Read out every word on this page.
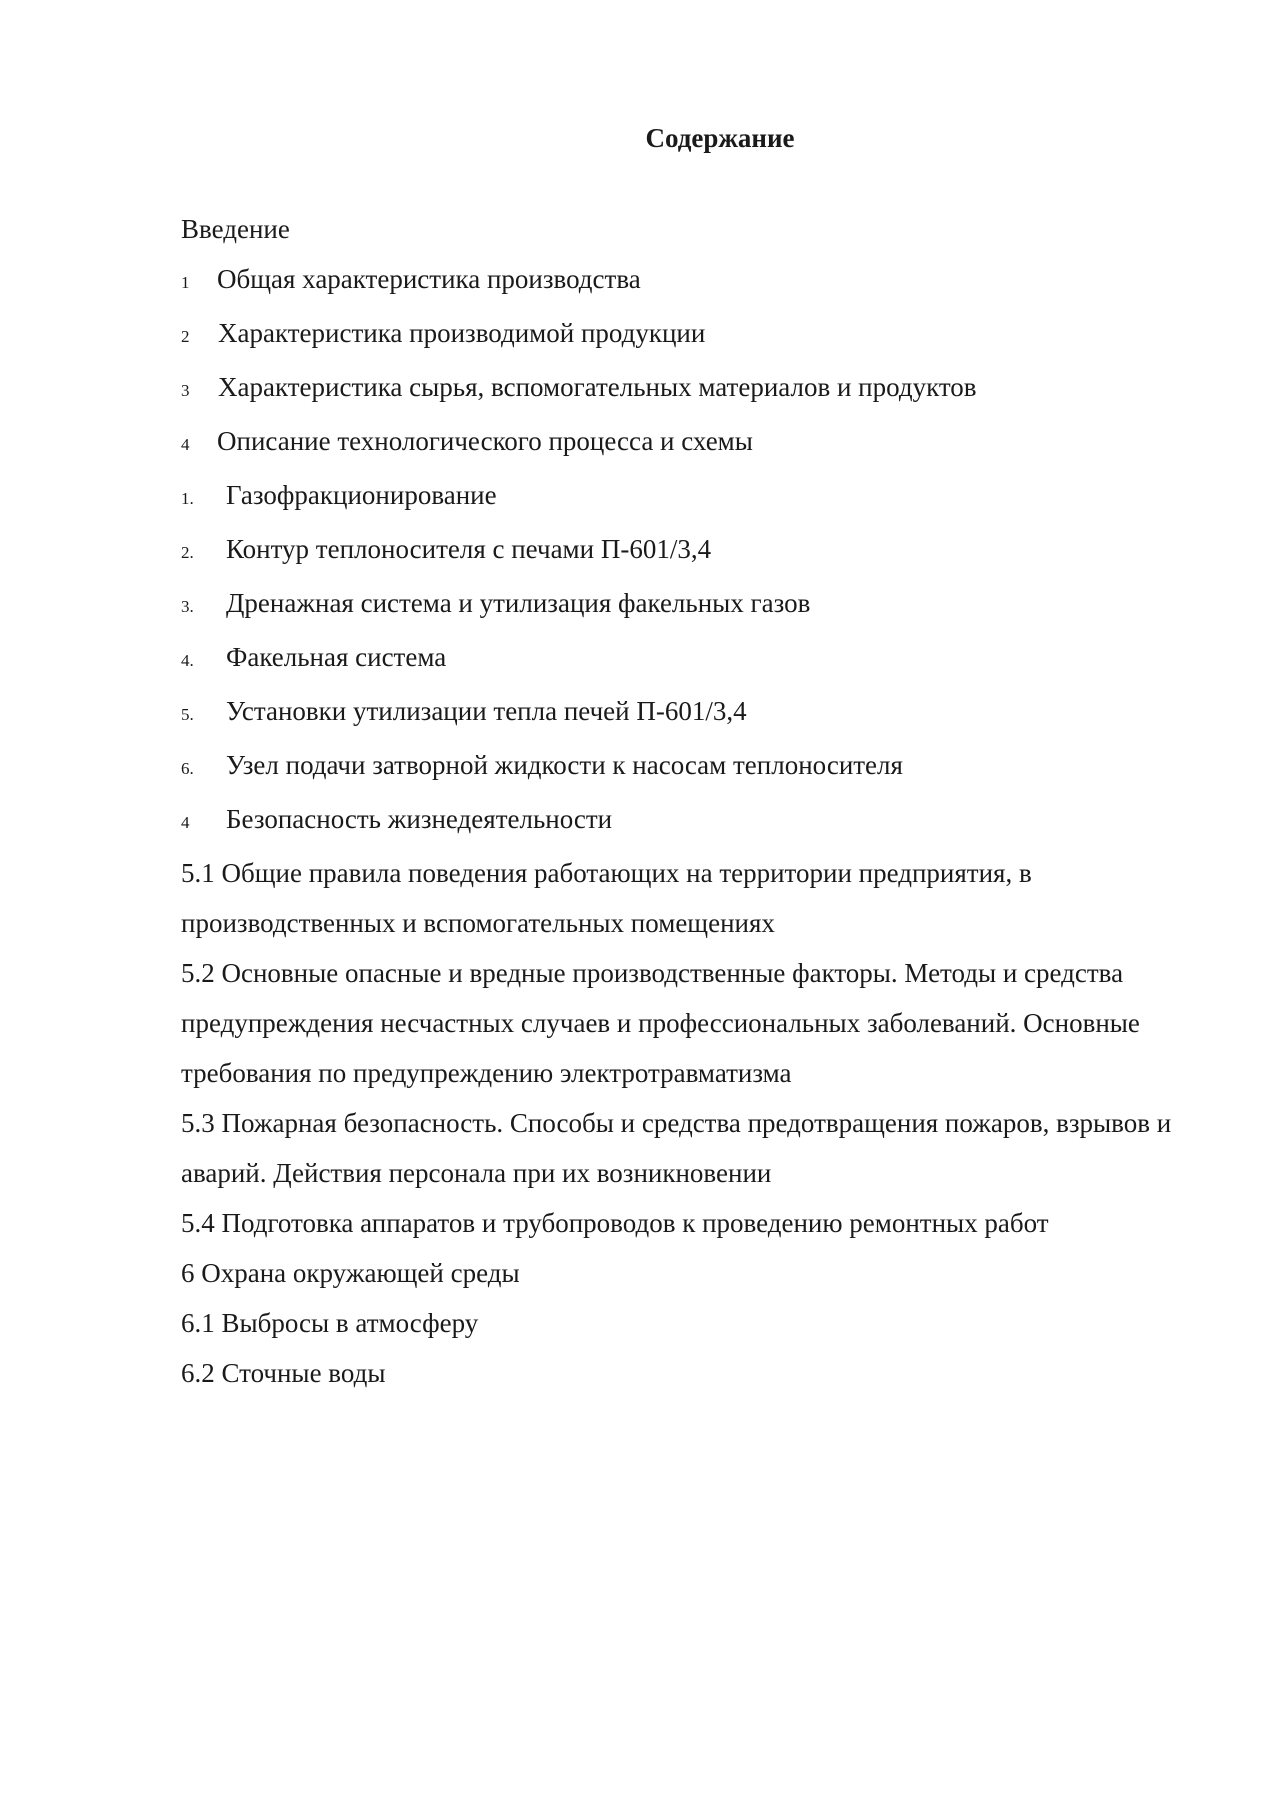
Содержание
Введение
1 Общая характеристика производства
2 Характеристика производимой продукции
3 Характеристика сырья, вспомогательных материалов и продуктов
4 Описание технологического процесса и схемы
1. Газофракционирование
2. Контур теплоносителя с печами П-601/3,4
3. Дренажная система и утилизация факельных газов
4. Факельная система
5. Установки утилизации тепла печей П-601/3,4
6. Узел подачи затворной жидкости к насосам теплоносителя
4 Безопасность жизнедеятельности
5.1 Общие правила поведения работающих на территории предприятия, в производственных и вспомогательных помещениях
5.2 Основные опасные и вредные производственные факторы. Методы и средства предупреждения несчастных случаев и профессиональных заболеваний. Основные требования по предупреждению электротравматизма
5.3 Пожарная безопасность. Способы и средства предотвращения пожаров, взрывов и аварий. Действия персонала при их возникновении
5.4 Подготовка аппаратов и трубопроводов к проведению ремонтных работ
6 Охрана окружающей среды
6.1 Выбросы в атмосферу
6.2 Сточные воды
